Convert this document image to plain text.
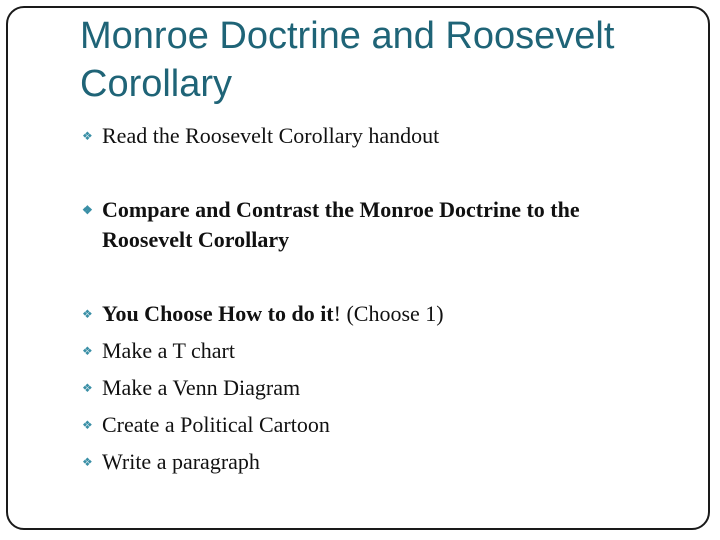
Monroe Doctrine and Roosevelt Corollary
❖ Read the Roosevelt Corollary handout
❖ Compare and Contrast the Monroe Doctrine to the
Roosevelt Corollary
❖ You Choose How to do it! (Choose 1)
❖ Make a T chart
❖ Make a Venn Diagram
❖ Create a Political Cartoon
❖ Write a paragraph
